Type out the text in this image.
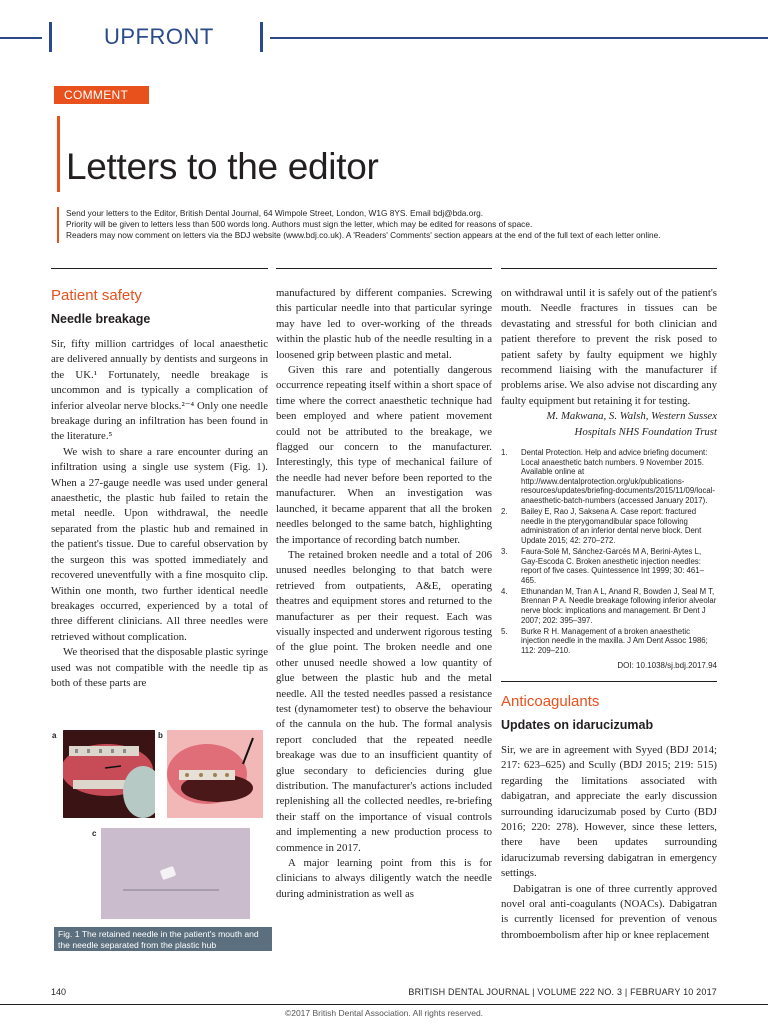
UPFRONT
COMMENT
Letters to the editor

Send your letters to the Editor, British Dental Journal, 64 Wimpole Street, London, W1G 8YS. Email bdj@bda.org.

Priority will be given to letters less than 500 words long. Authors must sign the letter, which may be edited for reasons of space.

Readers may now comment on letters via the BDJ website (www.bdj.co.uk). A 'Readers' Comments' section appears at the end of the full text of each letter online.

Patient safety
Needle breakage

Sir, fifty million cartridges of local anaesthetic are delivered annually by dentists and surgeons in the UK.¹ Fortunately, needle breakage is uncommon and is typically a complication of inferior alveolar nerve blocks.²⁻⁴ Only one needle breakage during an infiltration has been found in the literature.⁵

We wish to share a rare encounter during an infiltration using a single use system (Fig. 1). When a 27-gauge needle was used under general anaesthetic, the plastic hub failed to retain the metal needle. Upon withdrawal, the needle separated from the plastic hub and remained in the patient's tissue. Due to careful observation by the surgeon this was spotted immediately and recovered uneventfully with a fine mosquito clip. Within one month, two further identical needle breakages occurred, experienced by a total of three different clinicians. All three needles were retrieved without complication.

We theorised that the disposable plastic syringe used was not compatible with the needle tip as both of these parts are

a	b
c
Fig. 1 The retained needle in the patient's mouth and the needle separated from the plastic hub

manufactured by different companies. Screwing this particular needle into that particular syringe may have led to over-working of the threads within the plastic hub of the needle resulting in a loosened grip between plastic and metal.

Given this rare and potentially dangerous occurrence repeating itself within a short space of time where the correct anaesthetic technique had been employed and where patient movement could not be attributed to the breakage, we flagged our concern to the manufacturer. Interestingly, this type of mechanical failure of the needle had never before been reported to the manufacturer. When an investigation was launched, it became apparent that all the broken needles belonged to the same batch, highlighting the importance of recording batch number.

The retained broken needle and a total of 206 unused needles belonging to that batch were retrieved from outpatients, A&E, operating theatres and equipment stores and returned to the manufacturer as per their request. Each was visually inspected and underwent rigorous testing of the glue point. The broken needle and one other unused needle showed a low quantity of glue between the plastic hub and the metal needle. All the tested needles passed a resistance test (dynamometer test) to observe the behaviour of the cannula on the hub. The formal analysis report concluded that the repeated needle breakage was due to an insufficient quantity of glue secondary to deficiencies during glue distribution. The manufacturer's actions included replenishing all the collected needles, re-briefing their staff on the importance of visual controls and implementing a new production process to commence in 2017.

A major learning point from this is for clinicians to always diligently watch the needle during administration as well as

on withdrawal until it is safely out of the patient's mouth. Needle fractures in tissues can be devastating and stressful for both clinician and patient therefore to prevent the risk posed to patient safety by faulty equipment we highly recommend liaising with the manufacturer if problems arise. We also advise not discarding any faulty equipment but retaining it for testing.

M. Makwana, S. Walsh, Western Sussex

Hospitals NHS Foundation Trust

1. Dental Protection. Help and advice briefing document: Local anaesthetic batch numbers. 9 November 2015. Available online at http://www.dentalprotection.org/uk/publications-resources/updates/briefing-documents/2015/11/09/local-anaesthetic-batch-numbers (accessed January 2017).
2. Bailey E, Rao J, Saksena A. Case report: fractured needle in the pterygomandibular space following administration of an inferior dental nerve block. Dent Update 2015; 42: 270–272.
3. Faura-Solé M, Sánchez-Garcés M A, Berini-Aytes L, Gay-Escoda C. Broken anesthetic injection needles: report of five cases. Quintessence Int 1999; 30: 461–465.
4. Ethunandan M, Tran A L, Anand R, Bowden J, Seal M T, Brennan P A. Needle breakage following inferior alveolar nerve block: implications and management. Br Dent J 2007; 202: 395–397.
5. Burke R H. Management of a broken anaesthetic injection needle in the maxilla. J Am Dent Assoc 1986; 112: 209–210.
DOI: 10.1038/sj.bdj.2017.94
Anticoagulants
Updates on idarucizumab

Sir, we are in agreement with Syyed (BDJ 2014; 217: 623–625) and Scully (BDJ 2015; 219: 515) regarding the limitations associated with dabigatran, and appreciate the early discussion surrounding idarucizumab posed by Curto (BDJ 2016; 220: 278). However, since these letters, there have been updates surrounding idarucizumab reversing dabigatran in emergency settings.

Dabigatran is one of three currently approved novel oral anti-coagulants (NOACs). Dabigatran is currently licensed for prevention of venous thromboembolism after hip or knee replacement

140	BRITISH DENTAL JOURNAL | VOLUME 222 NO. 3 | FEBRUARY 10 2017
©2017 British Dental Association. All rights reserved.
